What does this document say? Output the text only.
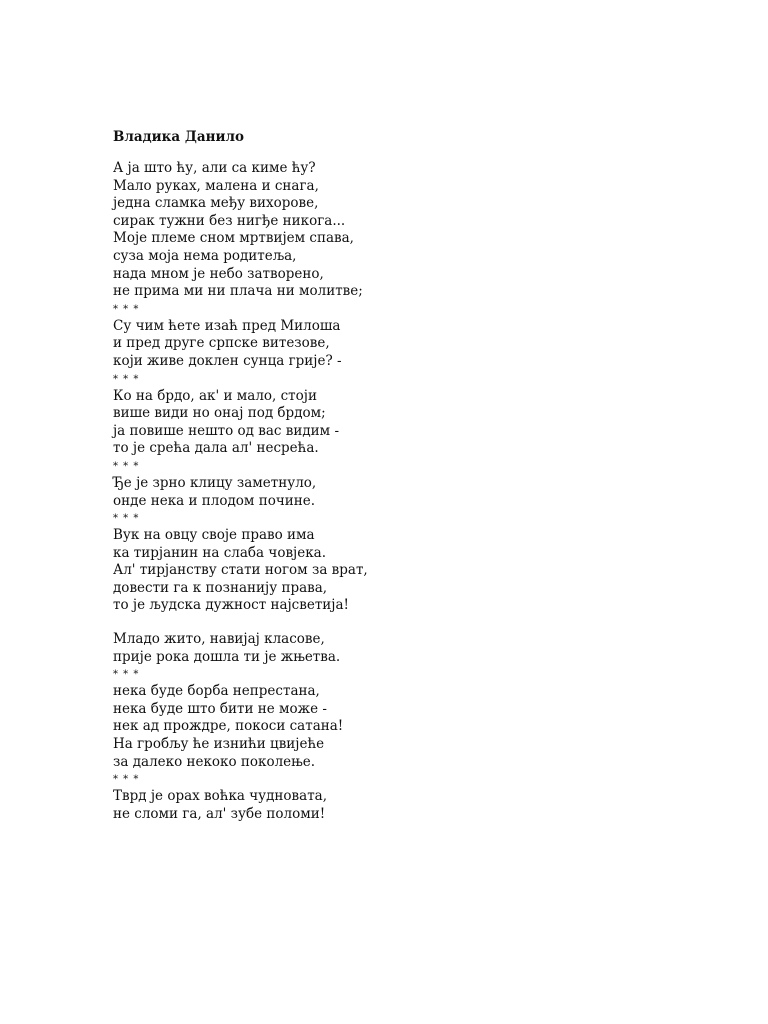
Владика Данило
А ја што ћу, али са киме ћу?
Мало руках, малена и снага,
једна сламка међу вихорове,
сирак тужни без нигђе никога...
Моје племе сном мртвијем спава,
суза моја нема родитеља,
нада мном је небо затворено,
не прима ми ни плача ни молитве;
* * *
Су чим ћете изаћ пред Милоша
и пред друге српске витезове,
који живе доклен сунца грије? -
* * *
Ко на брдо, ак' и мало, стоји
више види но онај под брдом;
ја повише нешто од вас видим -
то је срећа дала ал' несрећа.
* * *
Ђе је зрно клицу заметнуло,
онде нека и плодом почине.
* * *
Вук на овцу своје право има
ка тирјанин на слаба човјека.
Ал' тирјанству стати ногом за врат,
довести га к познанију права,
то је људска дужност најсветија!
Младо жито, навијај класове,
прије рока дошла ти је жњетва.
* * *
нека буде борба непрестана,
нека буде што бити не може -
нек ад прождре, покоси сатана!
На гробљу ће изнићи цвијеће
за далеко некоко поколење.
* * *
Тврд је орах воћка чудновата,
не сломи га, ал' зубе поломи!
